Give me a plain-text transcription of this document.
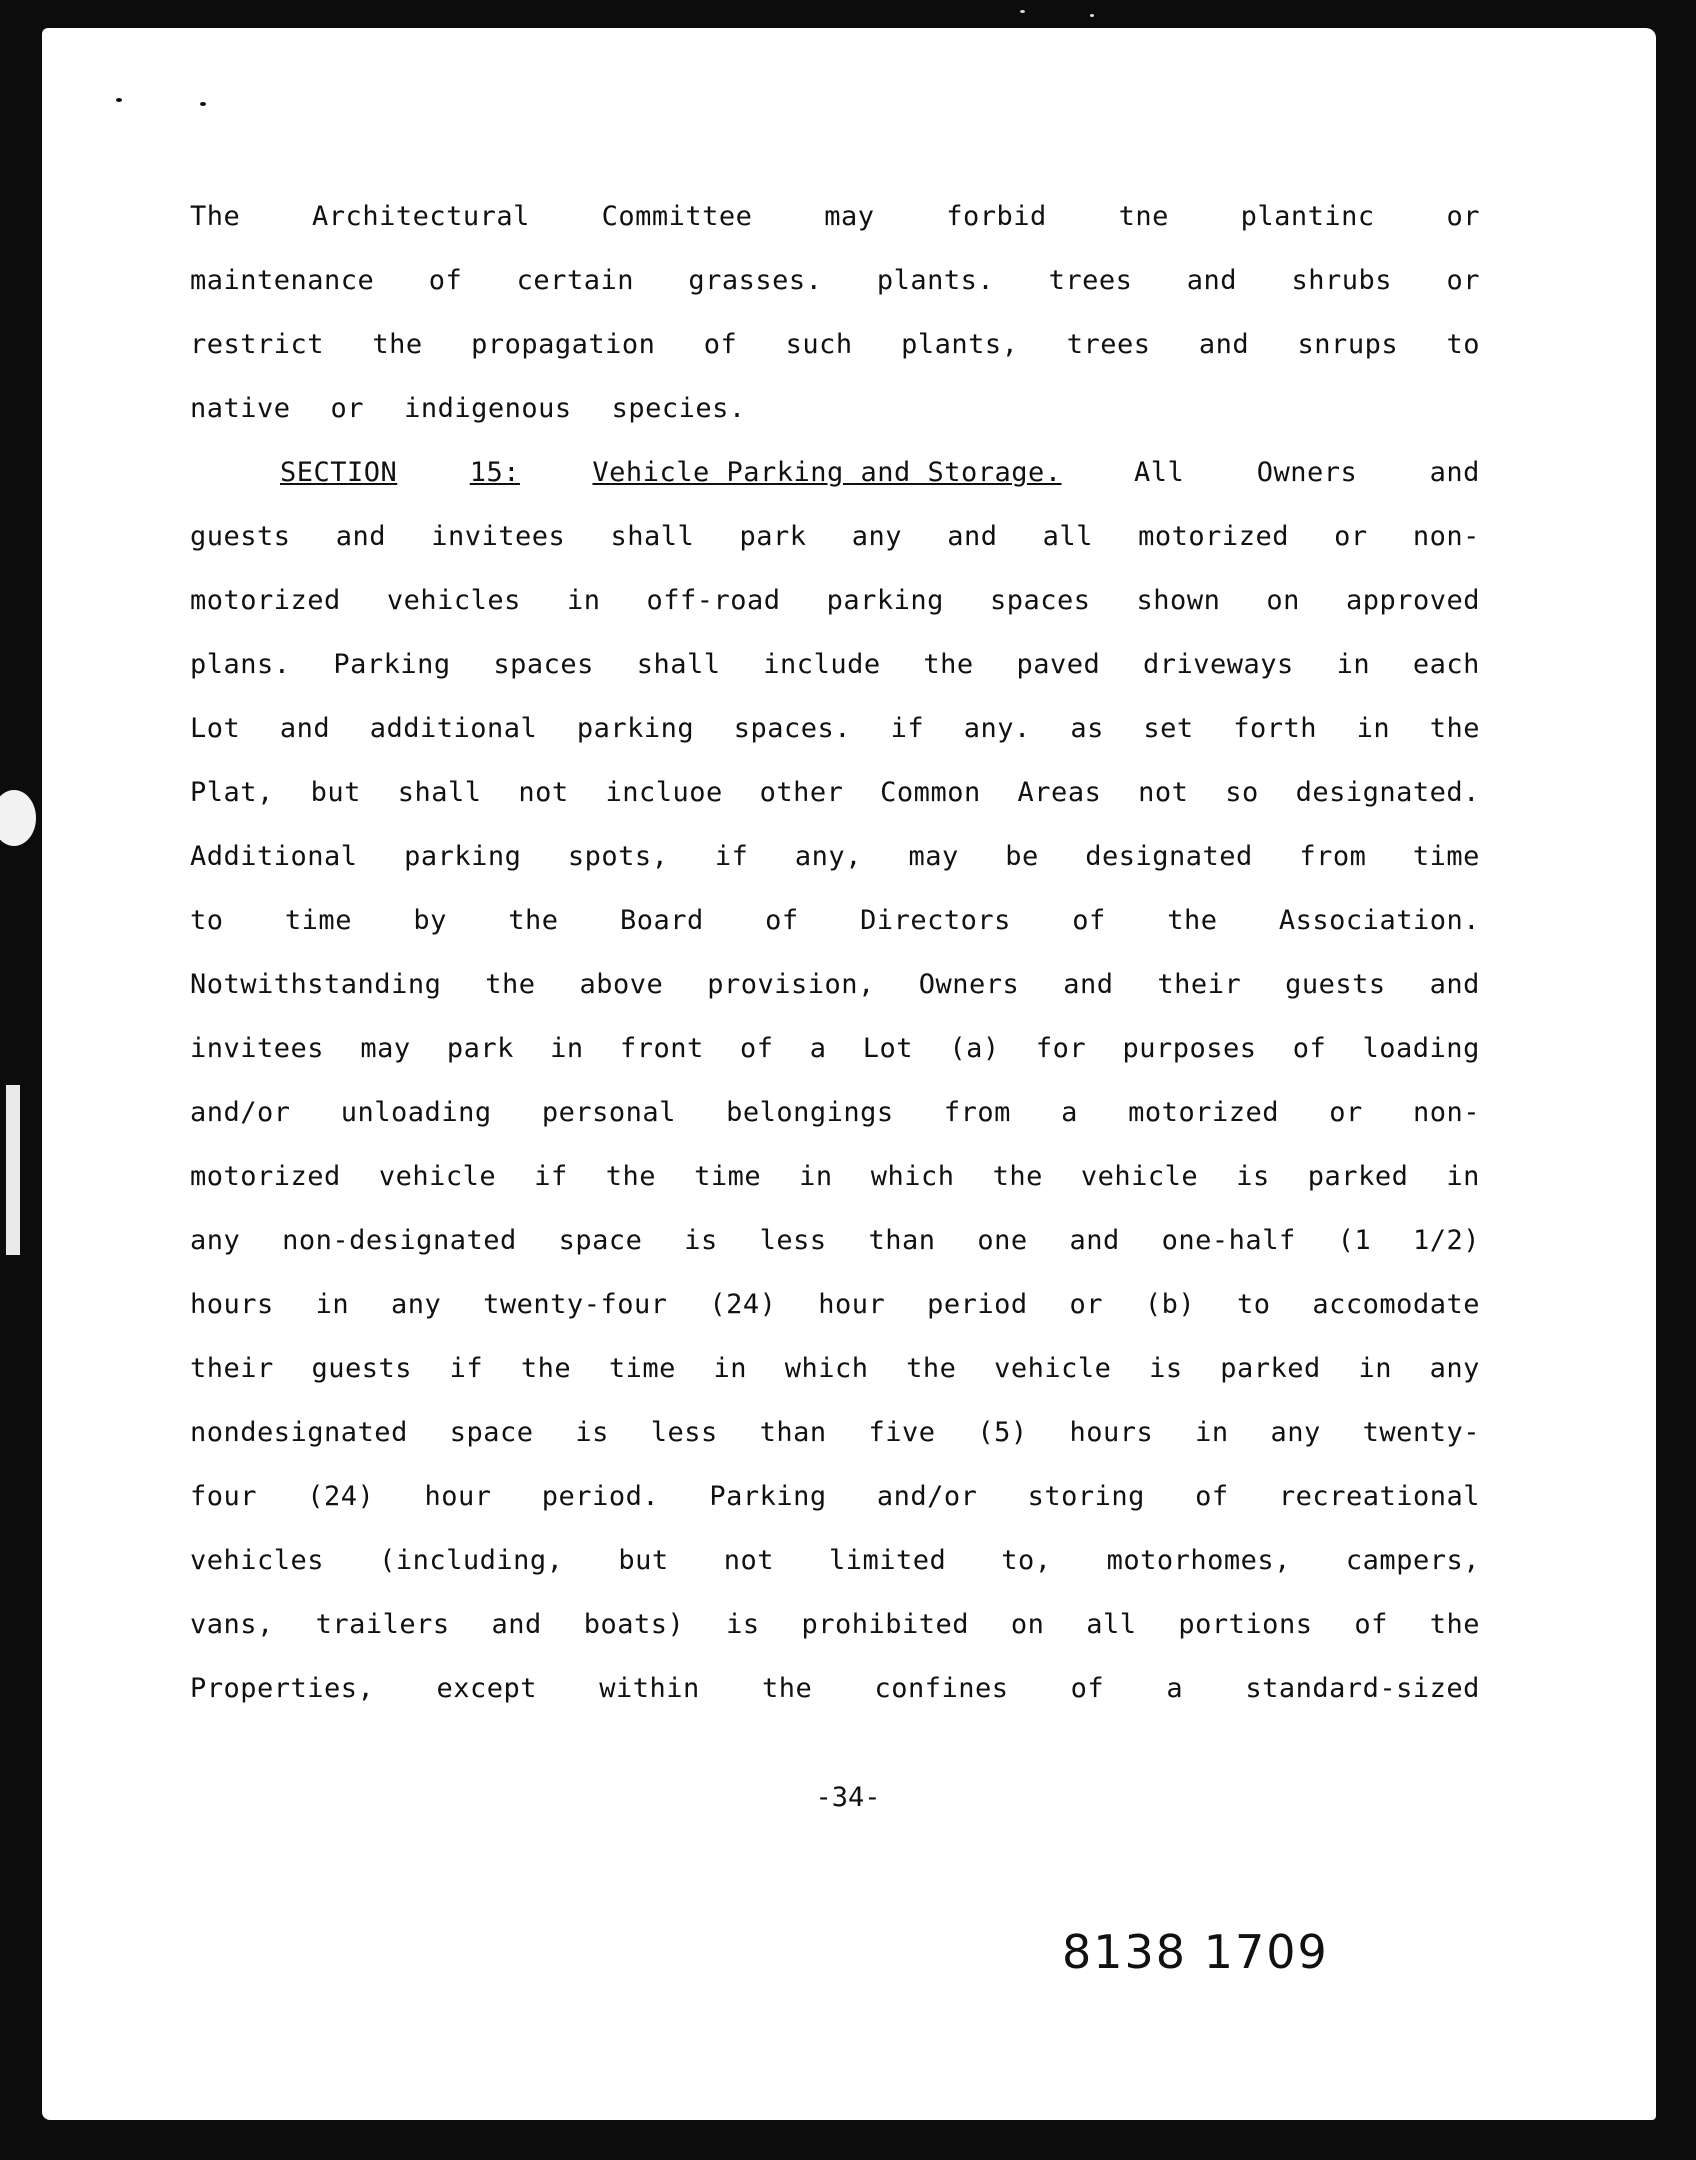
The	Architectural	Committee	may	forbid	tne	plantinc	or
maintenance of certain grasses. plants. trees and shrubs or
restrict the propagation of such plants, trees and snrups to
native or indigenous species.
SECTION	15:	Vehicle Parking and Storage.	All	Owners	and
guests and invitees shall park any and all motorized or non-
motorized vehicles in off-road parking spaces shown on approved
plans. Parking spaces shall include the paved driveways in each
Lot and additional parking spaces. if any. as set forth in the
Plat, but shall not incluoe other Common Areas not so designated.
Additional parking spots, if any, may be designated from time
to time by the Board of Directors of the Association.
Notwithstanding the above provision, Owners and their guests and
invitees may park in front of a Lot (a) for purposes of loading
and/or unloading personal belongings from a motorized or non-
motorized vehicle if the time in which the vehicle is parked in
any non-designated space is less than one and one-half (1 1/2)
hours in any twenty-four (24) hour period or (b) to accomodate
their guests if the time in which the vehicle is parked in any
nondesignated space is less than five (5) hours in any twenty-
four (24) hour period. Parking and/or storing of recreational
vehicles (including, but not limited to, motorhomes, campers,
vans, trailers and boats) is prohibited on all portions of the
Properties, except within the confines of a standard-sized
-34-
8138 1709
